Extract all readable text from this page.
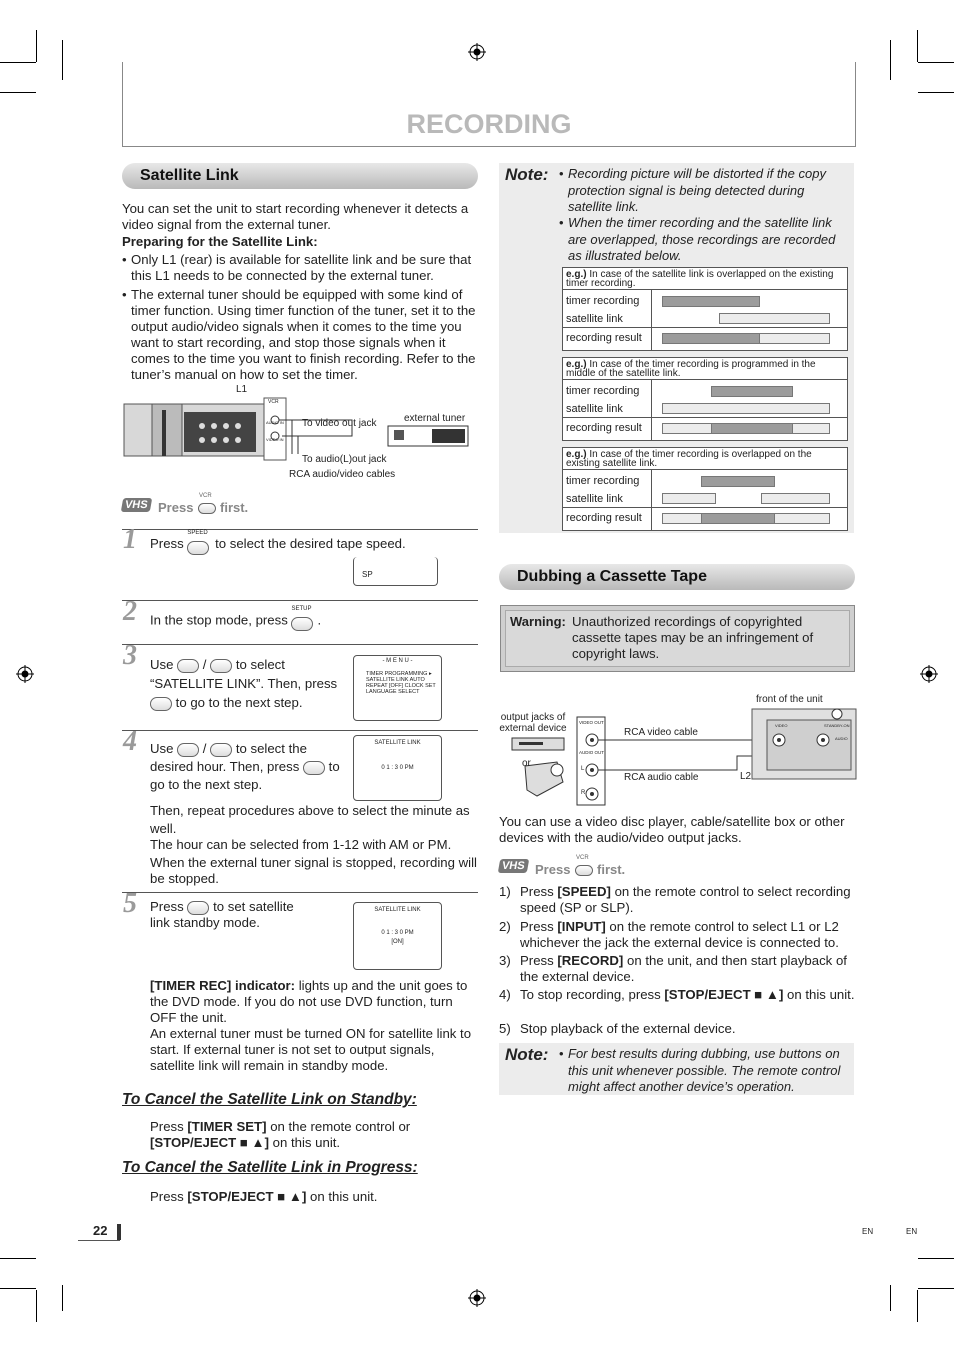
RECORDING
Satellite Link
You can set the unit to start recording whenever it detects a video signal from the external tuner.
Preparing for the Satellite Link:
• Only L1 (rear) is available for satellite link and be sure that this L1 needs to be connected by the external tuner.
• The external tuner should be equipped with some kind of timer function. Using timer function of the tuner, set it to the output audio/video signals when it comes to the time you want to start recording, and stop those signals when it comes to the time you want to finish recording. Refer to the tuner’s manual on how to set the timer.
L1
VCR
AUDIO IN
VIDEO IN
To video out jack	external tuner
To audio(L)out jack
RCA audio/video cables
VHS Press
VCR
first.
1 Press
SPEED
to select the desired tape speed.
SP
2 In the stop mode, press
SETUP
.
3 Use / to select
“SATELLITE LINK”. Then, press
to go to the next step.
- M E N U -
TIMER PROGRAMMING ▸ SATELLITE LINK AUTO REPEAT [OFF] CLOCK SET LANGUAGE SELECT
4 Use / to select the
desired hour. Then, press to
go to the next step.
SATELLITE LINK
0 1 : 3 0 PM
Then, repeat procedures above to select the minute as well.
The hour can be selected from 1-12 with AM or PM.
When the external tuner signal is stopped, recording will be stopped.
5 Press to set satellite
link standby mode.
SATELLITE LINK
0 1 : 3 0 PM
[ON]
[TIMER REC] indicator: lights up and the unit goes to the DVD mode. If you do not use DVD function, turn OFF the unit.
An external tuner must be turned ON for satellite link to start. If external tuner is not set to output signals, satellite link will remain in standby mode.
To Cancel the Satellite Link on Standby:
Press [TIMER SET] on the remote control or
[STOP/EJECT ■ ▲] on this unit.
To Cancel the Satellite Link in Progress:
Press [STOP/EJECT ■ ▲] on this unit.
22	EN	EN
Note: • Recording picture will be distorted if the copy protection signal is being detected during satellite link.
• When the timer recording and the satellite link are overlapped, those recordings are recorded as illustrated below.
e.g.) In case of the satellite link is overlapped on the existing timer recording.
timer recording
satellite link
recording result
e.g.) In case of the timer recording is programmed in the middle of the satellite link.
timer recording
satellite link
recording result
e.g.) In case of the timer recording is overlapped on the existing satellite link.
timer recording
satellite link
recording result
Dubbing a Cassette Tape
Warning: Unauthorized recordings of copyrighted cassette tapes may be an infringement of copyright laws.
front of the unit
output jacks of external device
VIDEO OUT
AUDIO OUT
L
R
or
RCA video cable
RCA audio cable	L2
VIDEO
AUDIO
STANDBY-ON
You can use a video disc player, cable/satellite box or other devices with the audio/video output jacks.
VHS Press
VCR
first.
1) Press [SPEED] on the remote control to select recording speed (SP or SLP).
2) Press [INPUT] on the remote control to select L1 or L2 whichever the jack the external device is connected to.
3) Press [RECORD] on the unit, and then start playback of the external device.
4) To stop recording, press [STOP/EJECT ■ ▲] on this unit.
5) Stop playback of the external device.
Note: • For best results during dubbing, use buttons on this unit whenever possible. The remote control might affect another device’s operation.
